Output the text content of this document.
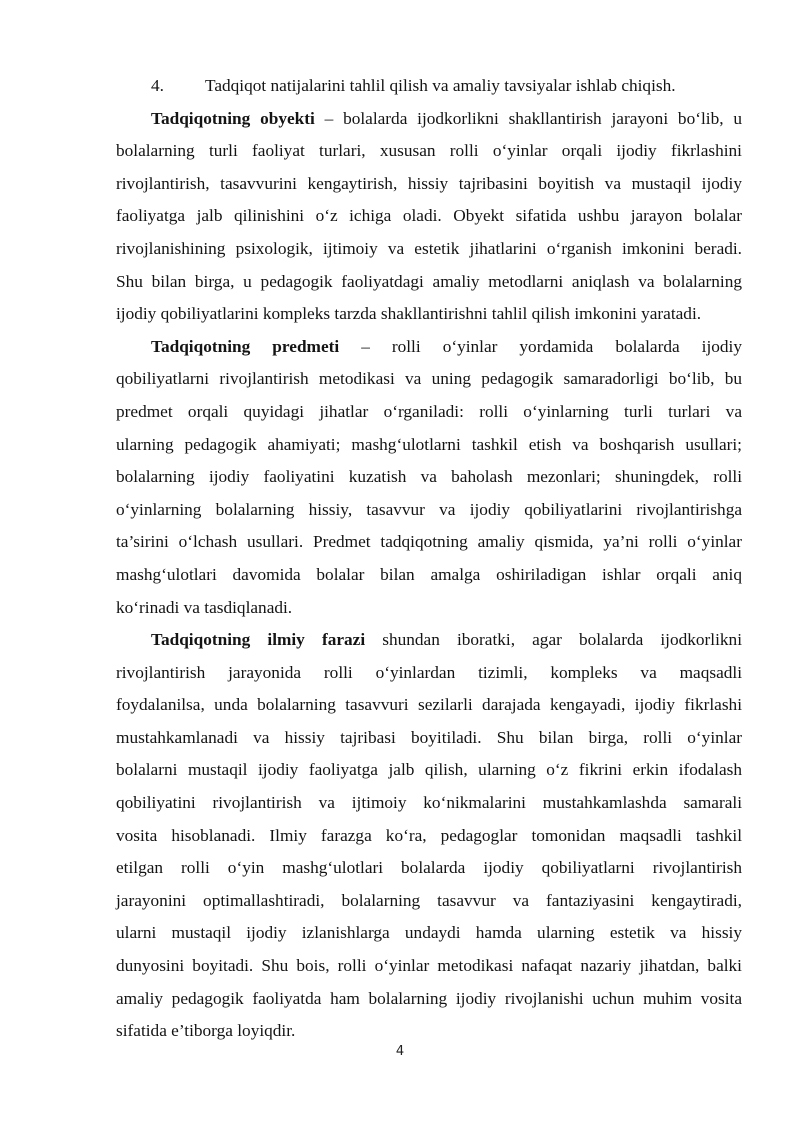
4. Tadqiqot natijalarini tahlil qilish va amaliy tavsiyalar ishlab chiqish.
Tadqiqotning obyekti – bolalarda ijodkorlikni shakllantirish jarayoni bo‘lib, u
bolalarning turli faoliyat turlari, xususan rolli o‘yinlar orqali ijodiy fikrlashini
rivojlantirish, tasavvurini kengaytirish, hissiy tajribasini boyitish va mustaqil ijodiy
faoliyatga jalb qilinishini o‘z ichiga oladi. Obyekt sifatida ushbu jarayon bolalar
rivojlanishining psixologik, ijtimoiy va estetik jihatlarini o‘rganish imkonini beradi.
Shu bilan birga, u pedagogik faoliyatdagi amaliy metodlarni aniqlash va bolalarning
ijodiy qobiliyatlarini kompleks tarzda shakllantirishni tahlil qilish imkonini yaratadi.
Tadqiqotning predmeti – rolli o‘yinlar yordamida bolalarda ijodiy
qobiliyatlarni rivojlantirish metodikasi va uning pedagogik samaradorligi bo‘lib, bu
predmet orqali quyidagi jihatlar o‘rganiladi: rolli o‘yinlarning turli turlari va
ularning pedagogik ahamiyati; mashg‘ulotlarni tashkil etish va boshqarish usullari;
bolalarning ijodiy faoliyatini kuzatish va baholash mezonlari; shuningdek, rolli
o‘yinlarning bolalarning hissiy, tasavvur va ijodiy qobiliyatlarini rivojlantirishga
ta’sirini o‘lchash usullari. Predmet tadqiqotning amaliy qismida, ya’ni rolli o‘yinlar
mashg‘ulotlari davomida bolalar bilan amalga oshiriladigan ishlar orqali aniq
ko‘rinadi va tasdiqlanadi.
Tadqiqotning ilmiy farazi shundan iboratki, agar bolalarda ijodkorlikni
rivojlantirish jarayonida rolli o‘yinlardan tizimli, kompleks va maqsadli
foydalanilsa, unda bolalarning tasavvuri sezilarli darajada kengayadi, ijodiy fikrlashi
mustahkamlanadi va hissiy tajribasi boyitiladi. Shu bilan birga, rolli o‘yinlar
bolalarni mustaqil ijodiy faoliyatga jalb qilish, ularning o‘z fikrini erkin ifodalash
qobiliyatini rivojlantirish va ijtimoiy ko‘nikmalarini mustahkamlashda samarali
vosita hisoblanadi. Ilmiy farazga ko‘ra, pedagoglar tomonidan maqsadli tashkil
etilgan rolli o‘yin mashg‘ulotlari bolalarda ijodiy qobiliyatlarni rivojlantirish
jarayonini optimallashtiradi, bolalarning tasavvur va fantaziyasini kengaytiradi,
ularni mustaqil ijodiy izlanishlarga undaydi hamda ularning estetik va hissiy
dunyosini boyitadi. Shu bois, rolli o‘yinlar metodikasi nafaqat nazariy jihatdan, balki
amaliy pedagogik faoliyatda ham bolalarning ijodiy rivojlanishi uchun muhim vosita
sifatida e’tiborga loyiqdir.
4
